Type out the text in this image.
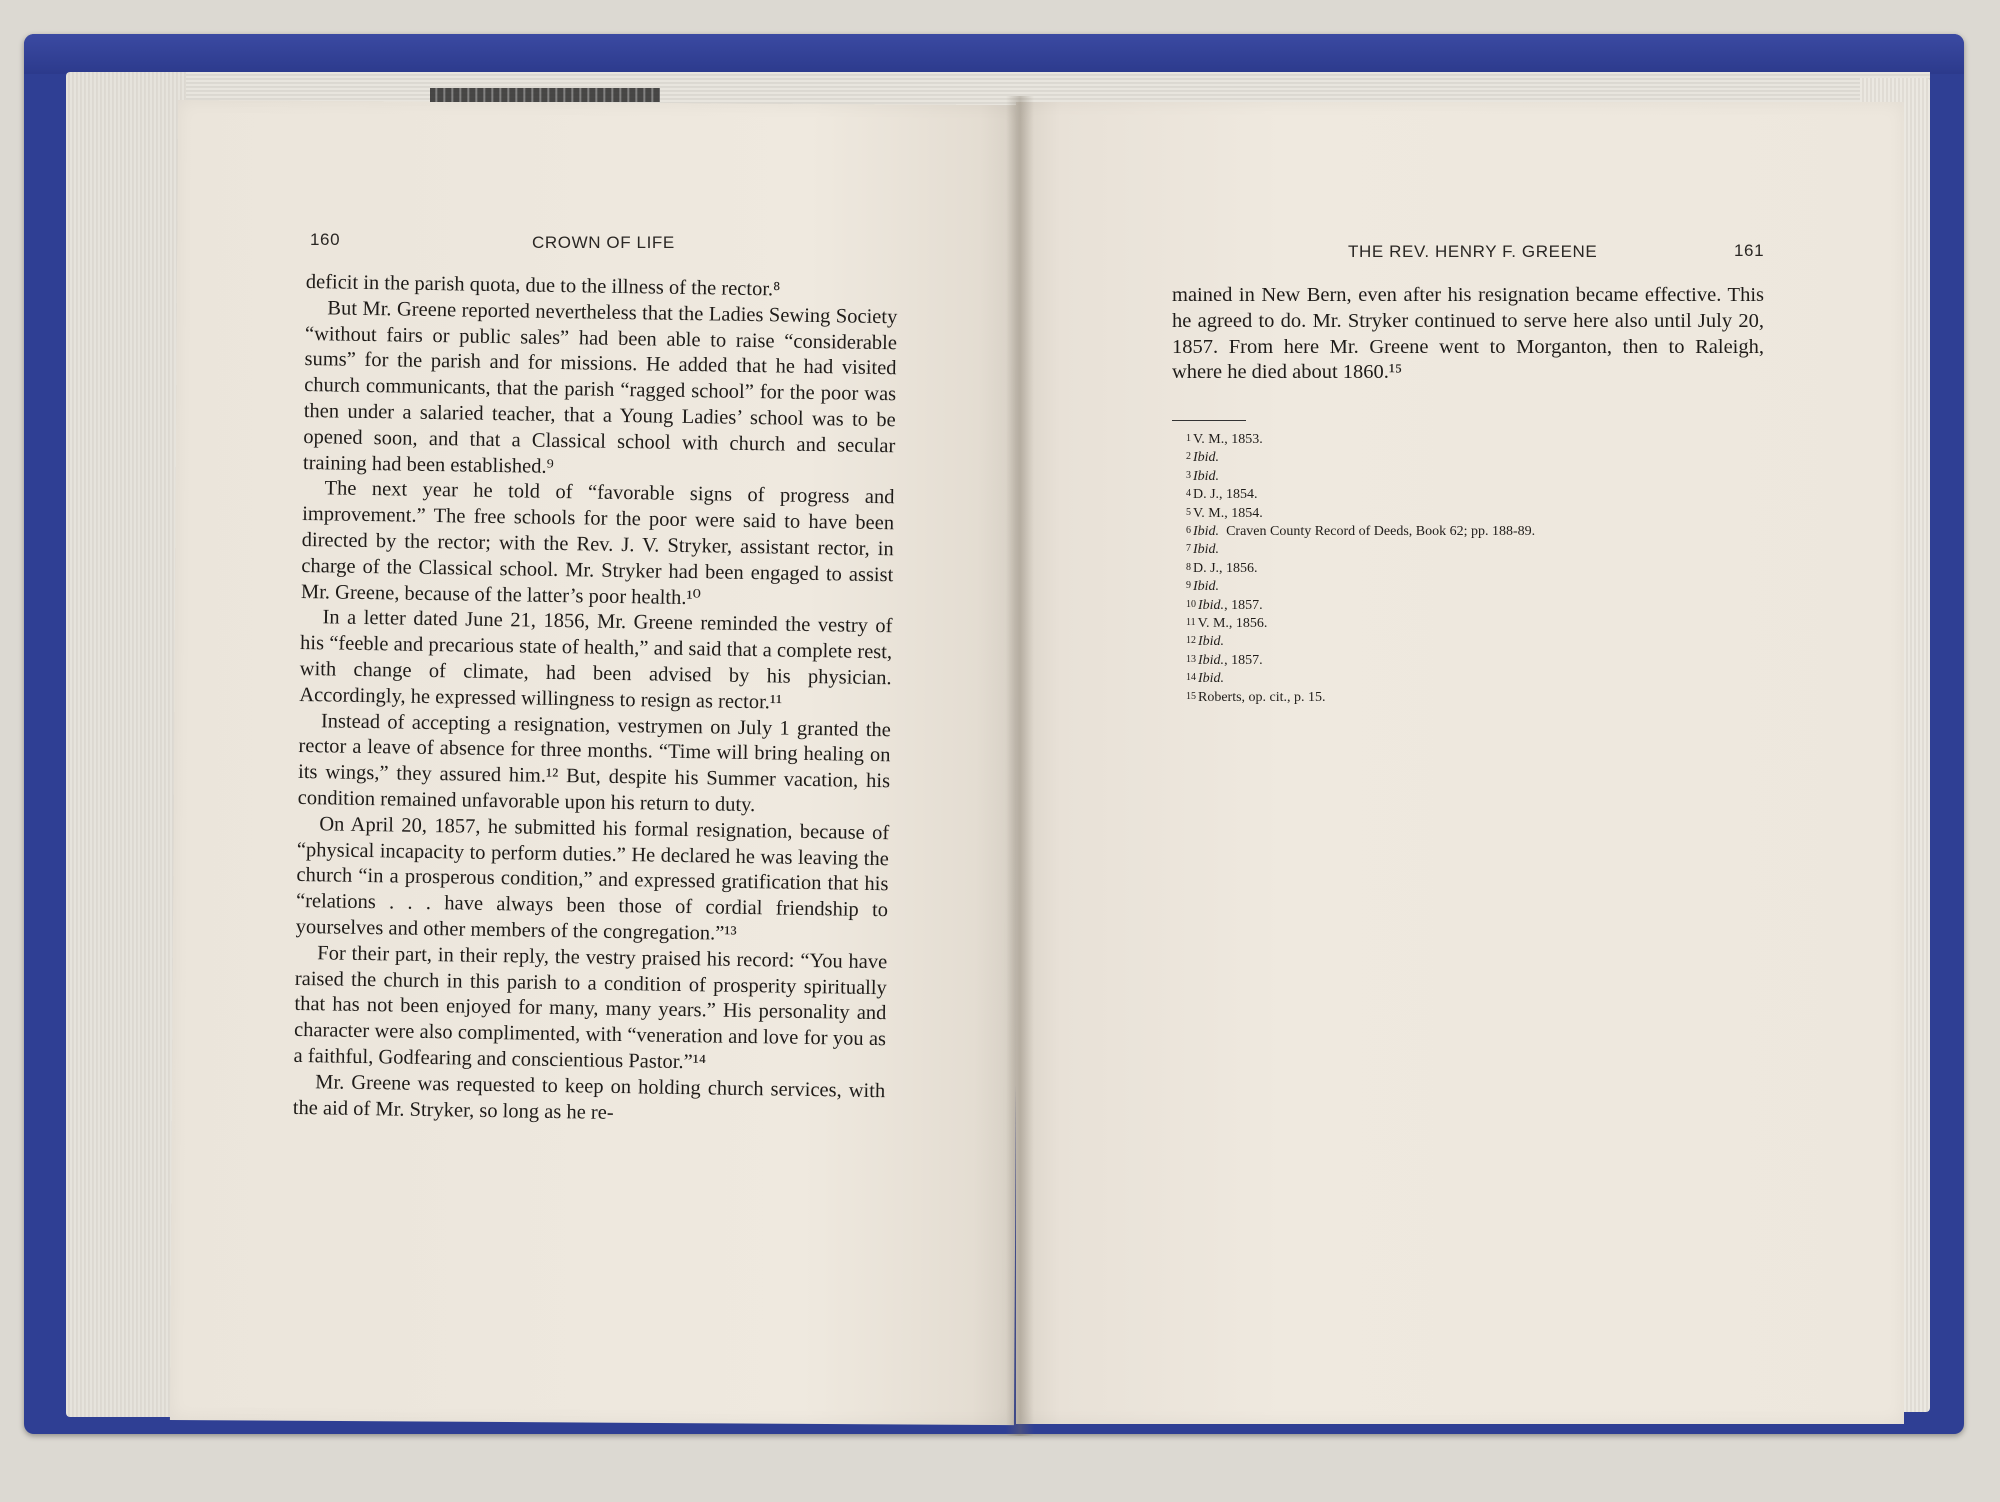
160	CROWN OF LIFE

deficit in the parish quota, due to the illness of the rector.⁸

But Mr. Greene reported nevertheless that the Ladies Sewing Society “without fairs or public sales” had been able to raise “considerable sums” for the parish and for missions. He added that he had visited church communicants, that the parish “ragged school” for the poor was then under a salaried teacher, that a Young Ladies’ school was to be opened soon, and that a Classical school with church and secular training had been established.⁹

The next year he told of “favorable signs of progress and improvement.” The free schools for the poor were said to have been directed by the rector; with the Rev. J. V. Stryker, assistant rector, in charge of the Classical school. Mr. Stryker had been engaged to assist Mr. Greene, because of the latter’s poor health.¹⁰

In a letter dated June 21, 1856, Mr. Greene reminded the vestry of his “feeble and precarious state of health,” and said that a complete rest, with change of climate, had been advised by his physician. Accordingly, he expressed willingness to resign as rector.¹¹

Instead of accepting a resignation, vestrymen on July 1 granted the rector a leave of absence for three months. “Time will bring healing on its wings,” they assured him.¹² But, despite his Summer vacation, his condition remained unfavorable upon his return to duty.

On April 20, 1857, he submitted his formal resignation, because of “physical incapacity to perform duties.” He declared he was leaving the church “in a prosperous condition,” and expressed gratification that his “relations . . . have always been those of cordial friendship to yourselves and other members of the congregation.”¹³

For their part, in their reply, the vestry praised his record: “You have raised the church in this parish to a condition of prosperity spiritually that has not been enjoyed for many, many years.” His personality and character were also complimented, with “veneration and love for you as a faithful, Godfearing and conscientious Pastor.”¹⁴

Mr. Greene was requested to keep on holding church services, with the aid of Mr. Stryker, so long as he re-

THE REV. HENRY F. GREENE	161

mained in New Bern, even after his resignation became effective. This he agreed to do. Mr. Stryker continued to serve here also until July 20, 1857. From here Mr. Greene went to Morganton, then to Raleigh, where he died about 1860.¹⁵

1 V. M., 1853.
2 Ibid.
3 Ibid.
4 D. J., 1854.
5 V. M., 1854.
6 Ibid.  Craven County Record of Deeds, Book 62; pp. 188-89.
7 Ibid.
8 D. J., 1856.
9 Ibid.
10 Ibid., 1857.
11 V. M., 1856.
12 Ibid.
13 Ibid., 1857.
14 Ibid.
15 Roberts, op. cit., p. 15.
